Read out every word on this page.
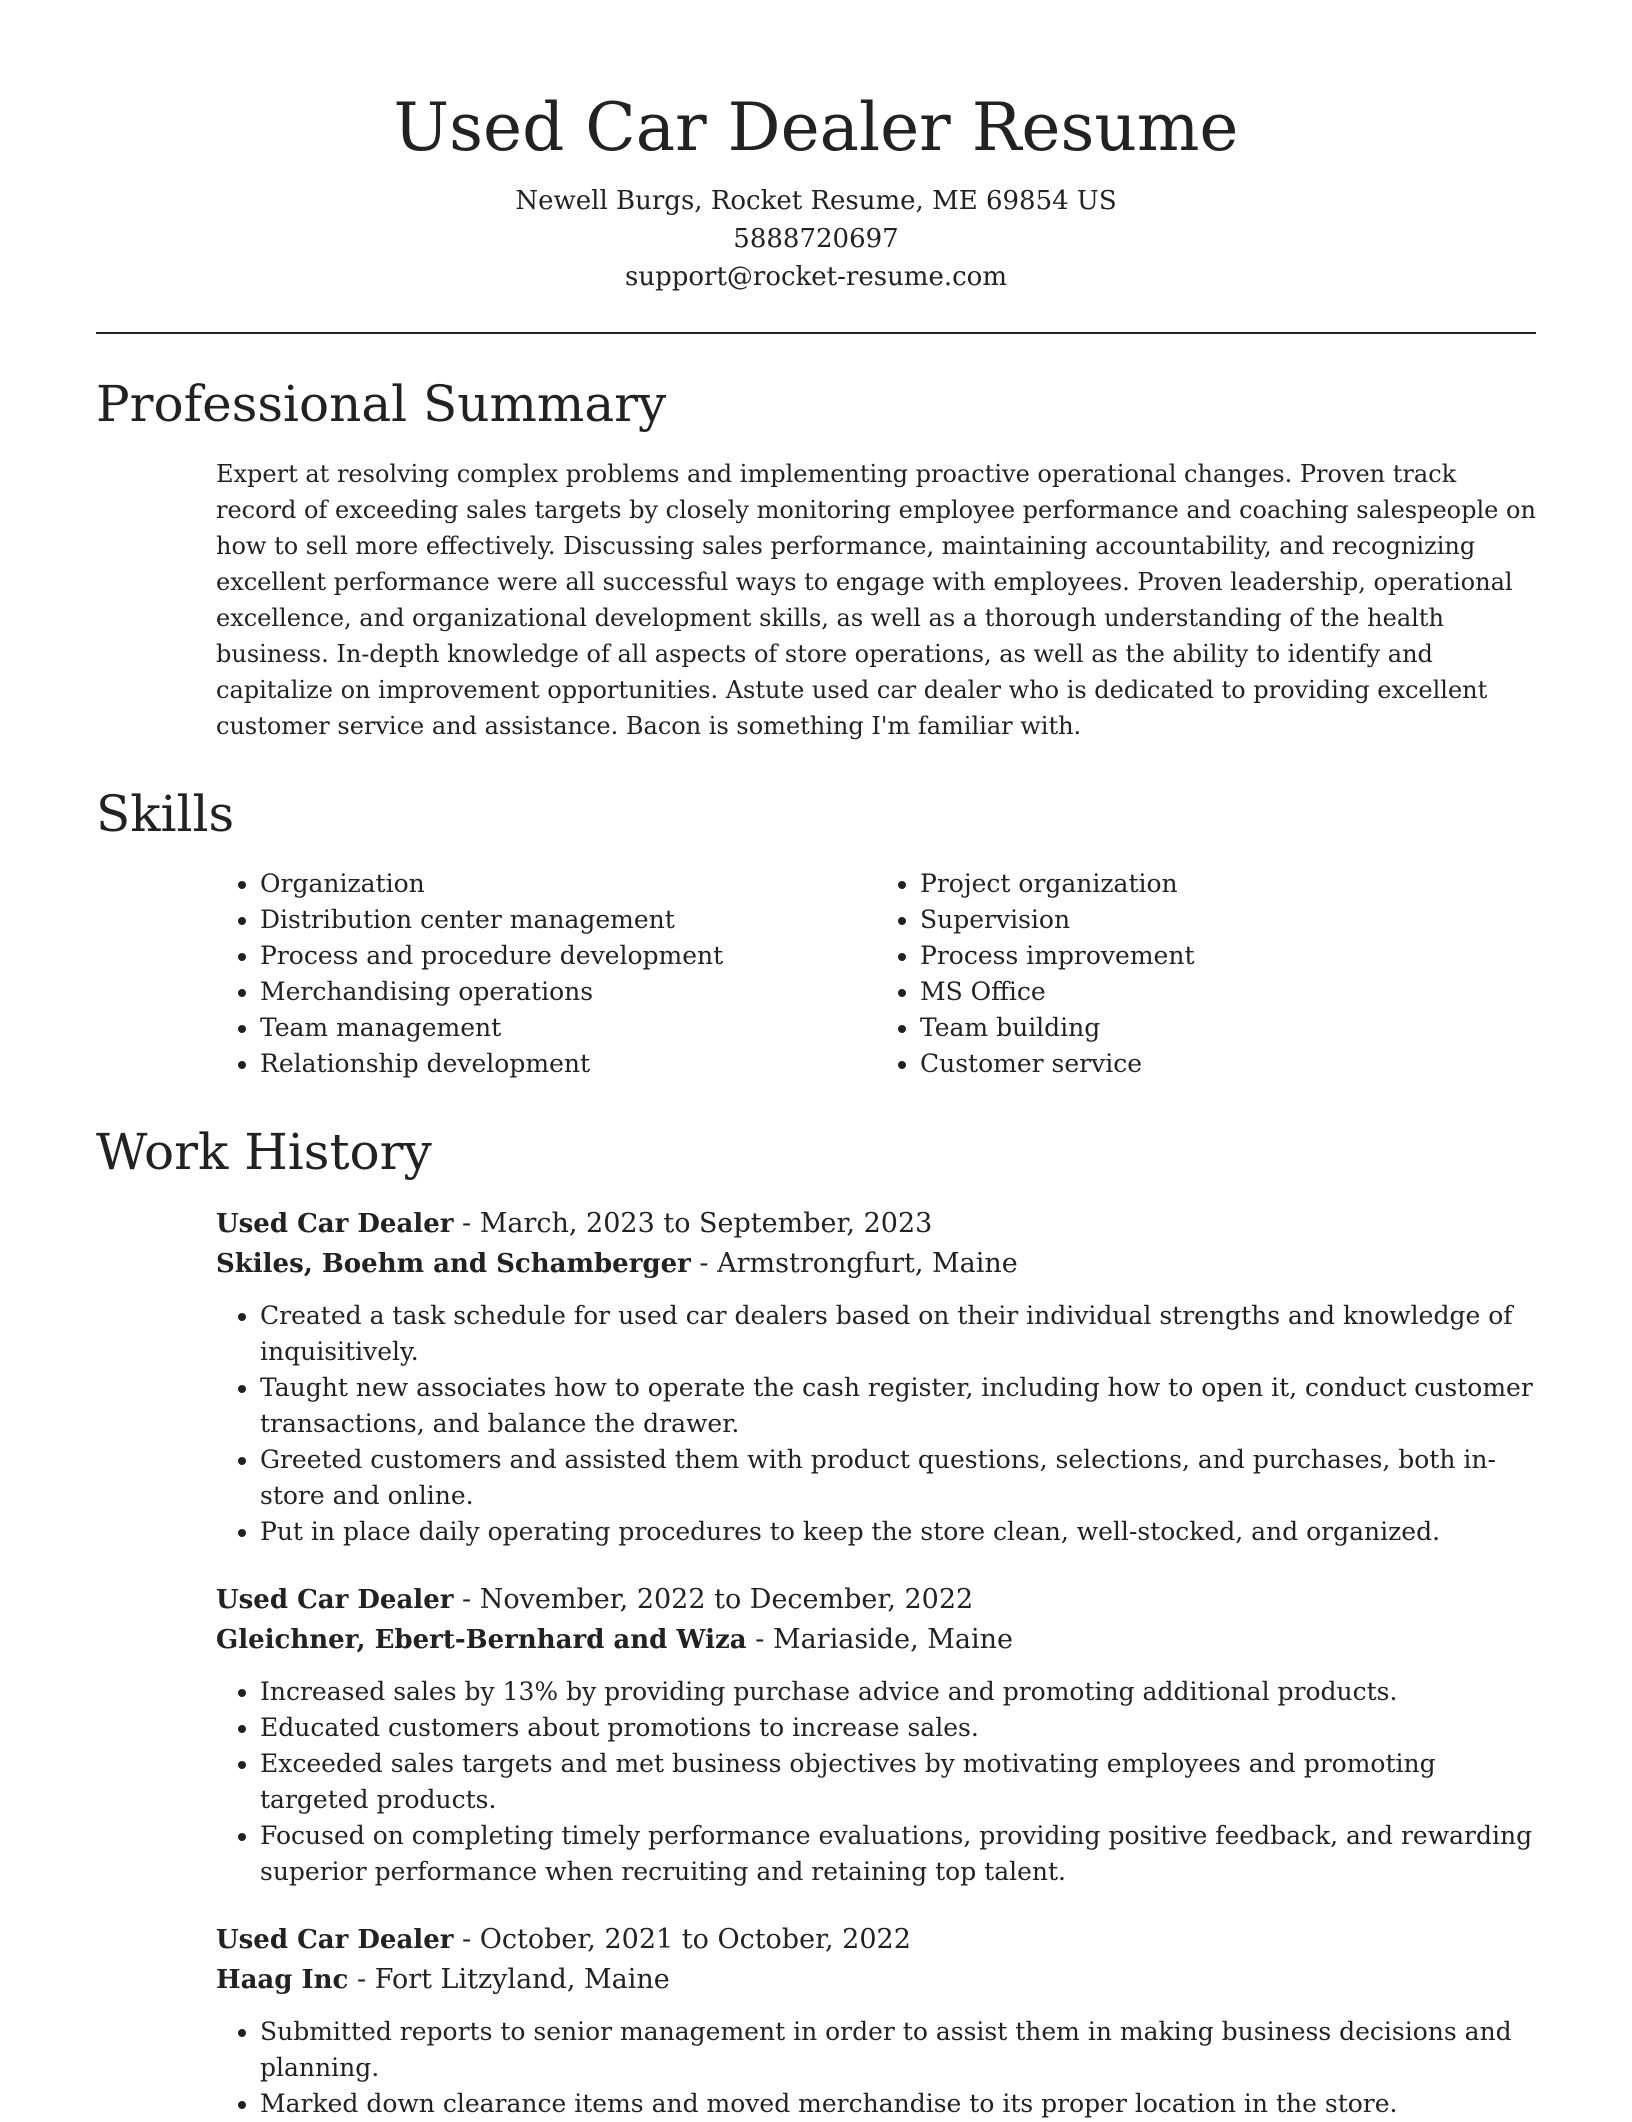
Used Car Dealer Resume

Newell Burgs, Rocket Resume, ME 69854 US

5888720697

support@rocket-resume.com

Professional Summary

Expert at resolving complex problems and implementing proactive operational changes. Proven track record of exceeding sales targets by closely monitoring employee performance and coaching salespeople on how to sell more effectively. Discussing sales performance, maintaining accountability, and recognizing excellent performance were all successful ways to engage with employees. Proven leadership, operational excellence, and organizational development skills, as well as a thorough understanding of the health business. In-depth knowledge of all aspects of store operations, as well as the ability to identify and capitalize on improvement opportunities. Astute used car dealer who is dedicated to providing excellent customer service and assistance. Bacon is something I'm familiar with.

Skills
• Organization
• Distribution center management
• Process and procedure development
• Merchandising operations
• Team management
• Relationship development
• Project organization
• Supervision
• Process improvement
• MS Office
• Team building
• Customer service
Work History

Used Car Dealer - March, 2023 to September, 2023

Skiles, Boehm and Schamberger - Armstrongfurt, Maine

• Created a task schedule for used car dealers based on their individual strengths and knowledge of inquisitively.
• Taught new associates how to operate the cash register, including how to open it, conduct customer transactions, and balance the drawer.
• Greeted customers and assisted them with product questions, selections, and purchases, both in-store and online.
• Put in place daily operating procedures to keep the store clean, well-stocked, and organized.

Used Car Dealer - November, 2022 to December, 2022

Gleichner, Ebert-Bernhard and Wiza - Mariaside, Maine

• Increased sales by 13% by providing purchase advice and promoting additional products.
• Educated customers about promotions to increase sales.
• Exceeded sales targets and met business objectives by motivating employees and promoting targeted products.
• Focused on completing timely performance evaluations, providing positive feedback, and rewarding superior performance when recruiting and retaining top talent.

Used Car Dealer - October, 2021 to October, 2022

Haag Inc - Fort Litzyland, Maine

• Submitted reports to senior management in order to assist them in making business decisions and planning.
• Marked down clearance items and moved merchandise to its proper location in the store.
